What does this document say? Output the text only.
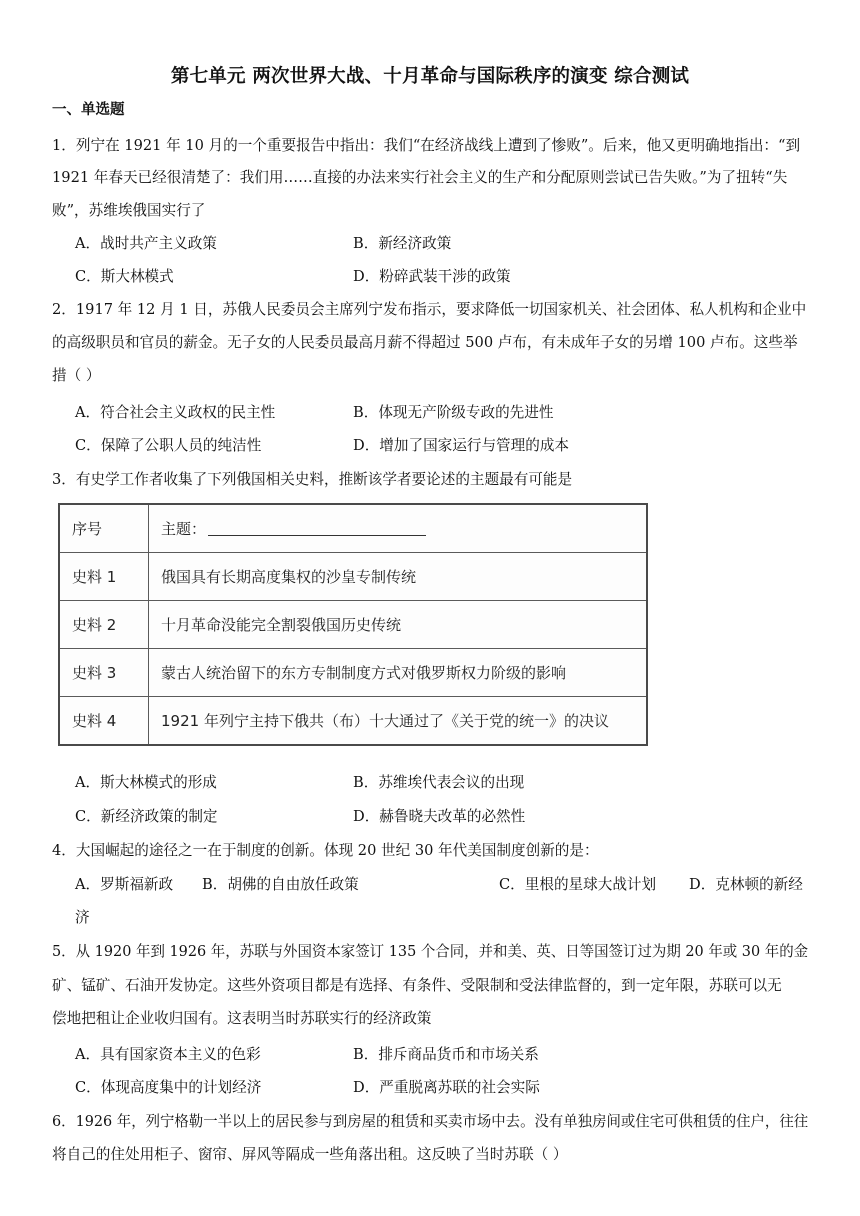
第七单元 两次世界大战、十月革命与国际秩序的演变 综合测试
一、单选题
1．列宁在 1921 年 10 月的一个重要报告中指出：我们“在经济战线上遭到了惨败”。后来，他又更明确地指出：“到
1921 年春天已经很清楚了：我们用……直接的办法来实行社会主义的生产和分配原则尝试已告失败。”为了扭转“失
败”，苏维埃俄国实行了
A．战时共产主义政策	B．新经济政策
C．斯大林模式	D．粉碎武装干涉的政策
2．1917 年 12 月 1 日，苏俄人民委员会主席列宁发布指示，要求降低一切国家机关、社会团体、私人机构和企业中
的高级职员和官员的薪金。无子女的人民委员最高月薪不得超过 500 卢布，有未成年子女的另增 100 卢布。这些举
措（ ）
A．符合社会主义政权的民主性	B．体现无产阶级专政的先进性
C．保障了公职人员的纯洁性	D．增加了国家运行与管理的成本
3．有史学工作者收集了下列俄国相关史料，推断该学者要论述的主题最有可能是
序号	主题：
史料 1	俄国具有长期高度集权的沙皇专制传统
史料 2	十月革命没能完全割裂俄国历史传统
史料 3	蒙古人统治留下的东方专制制度方式对俄罗斯权力阶级的影响
史料 4	1921 年列宁主持下俄共（布）十大通过了《关于党的统一》的决议
A．斯大林模式的形成	B．苏维埃代表会议的出现
C．新经济政策的制定	D．赫鲁晓夫改革的必然性
4．大国崛起的途径之一在于制度的创新。体现 20 世纪 30 年代美国制度创新的是：
A．罗斯福新政 B．胡佛的自由放任政策	C．里根的星球大战计划 D．克林顿的新经
济
5．从 1920 年到 1926 年，苏联与外国资本家签订 135 个合同，并和美、英、日等国签订过为期 20 年或 30 年的金
矿、锰矿、石油开发协定。这些外资项目都是有选择、有条件、受限制和受法律监督的，到一定年限，苏联可以无
偿地把租让企业收归国有。这表明当时苏联实行的经济政策
A．具有国家资本主义的色彩	B．排斥商品货币和市场关系
C．体现高度集中的计划经济	D．严重脱离苏联的社会实际
6．1926 年，列宁格勒一半以上的居民参与到房屋的租赁和买卖市场中去。没有单独房间或住宅可供租赁的住户，往往
将自己的住处用柜子、窗帘、屏风等隔成一些角落出租。这反映了当时苏联（ ）
